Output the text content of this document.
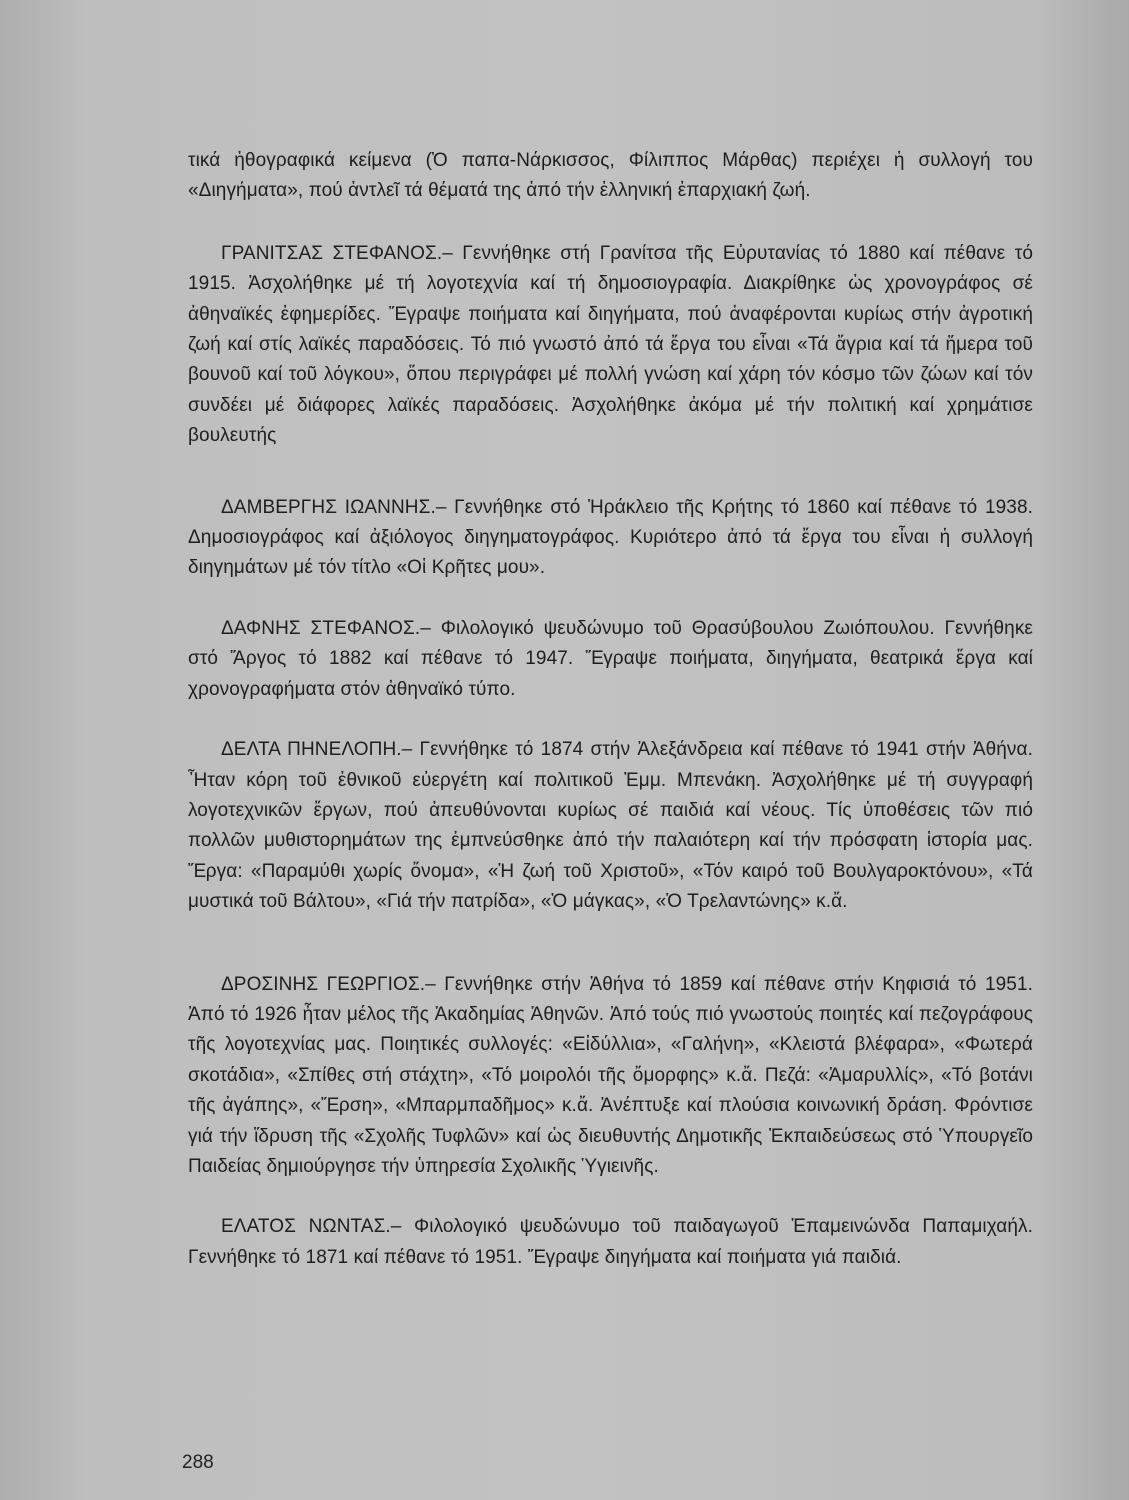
τικά ἠθογραφικά κείμενα (Ὁ παπα-Νάρκισσος, Φίλιππος Μάρθας) περιέχει ἡ συλλογή του «Διηγήματα», πού ἀντλεῖ τά θέματά της ἀπό τήν ἑλληνική ἐπαρχιακή ζωή.

ΓΡΑΝΙΤΣΑΣ ΣΤΕΦΑΝΟΣ.– Γεννήθηκε στή Γρανίτσα τῆς Εὐρυτανίας τό 1880 καί πέθανε τό 1915. Ἀσχολήθηκε μέ τή λογοτεχνία καί τή δημοσιογραφία. Διακρίθηκε ὡς χρονογράφος σέ ἀθηναϊκές ἐφημερίδες. Ἔγραψε ποιήματα καί διηγήματα, πού ἀναφέρονται κυρίως στήν ἀγροτική ζωή καί στίς λαϊκές παραδόσεις. Τό πιό γνωστό ἀπό τά ἔργα του εἶναι «Τά ἄγρια καί τά ἥμερα τοῦ βουνοῦ καί τοῦ λόγκου», ὅπου περιγράφει μέ πολλή γνώση καί χάρη τόν κόσμο τῶν ζώων καί τόν συνδέει μέ διάφορες λαϊκές παραδόσεις. Ἀσχολήθηκε ἀκόμα μέ τήν πολιτική καί χρημάτισε βουλευτής

ΔΑΜΒΕΡΓΗΣ ΙΩΑΝΝΗΣ.– Γεννήθηκε στό Ἡράκλειο τῆς Κρήτης τό 1860 καί πέθανε τό 1938. Δημοσιογράφος καί ἀξιόλογος διηγηματογράφος. Κυριότερο ἀπό τά ἔργα του εἶναι ἡ συλλογή διηγημάτων μέ τόν τίτλο «Οἱ Κρῆτες μου».

ΔΑΦΝΗΣ ΣΤΕΦΑΝΟΣ.– Φιλολογικό ψευδώνυμο τοῦ Θρασύβουλου Ζωιόπουλου. Γεννήθηκε στό Ἄργος τό 1882 καί πέθανε τό 1947. Ἔγραψε ποιήματα, διηγήματα, θεατρικά ἔργα καί χρονογραφήματα στόν ἀθηναϊκό τύπο.

ΔΕΛΤΑ ΠΗΝΕΛΟΠΗ.– Γεννήθηκε τό 1874 στήν Ἀλεξάνδρεια καί πέθανε τό 1941 στήν Ἀθήνα. Ἦταν κόρη τοῦ ἐθνικοῦ εὐεργέτη καί πολιτικοῦ Ἐμμ. Μπενάκη. Ἀσχολήθηκε μέ τή συγγραφή λογοτεχνικῶν ἔργων, πού ἀπευθύνονται κυρίως σέ παιδιά καί νέους. Τίς ὑποθέσεις τῶν πιό πολλῶν μυθιστορημάτων της ἐμπνεύσθηκε ἀπό τήν παλαιότερη καί τήν πρόσφατη ἱστορία μας. Ἔργα: «Παραμύθι χωρίς ὄνομα», «Ἡ ζωή τοῦ Χριστοῦ», «Τόν καιρό τοῦ Βουλγαροκτόνου», «Τά μυστικά τοῦ Βάλτου», «Γιά τήν πατρίδα», «Ὁ μάγκας», «Ὁ Τρελαντώνης» κ.ἄ.

ΔΡΟΣΙΝΗΣ ΓΕΩΡΓΙΟΣ.– Γεννήθηκε στήν Ἀθήνα τό 1859 καί πέθανε στήν Κηφισιά τό 1951. Ἀπό τό 1926 ἦταν μέλος τῆς Ἀκαδημίας Ἀθηνῶν. Ἀπό τούς πιό γνωστούς ποιητές καί πεζογράφους τῆς λογοτεχνίας μας. Ποιητικές συλλογές: «Εἰδύλλια», «Γαλήνη», «Κλειστά βλέφαρα», «Φωτερά σκοτάδια», «Σπίθες στή στάχτη», «Τό μοιρολόι τῆς ὄμορφης» κ.ἄ. Πεζά: «Ἀμαρυλλίς», «Τό βοτάνι τῆς ἀγάπης», «Ἔρση», «Μπαρμπαδῆμος» κ.ἄ. Ἀνέπτυξε καί πλούσια κοινωνική δράση. Φρόντισε γιά τήν ἵδρυση τῆς «Σχολῆς Τυφλῶν» καί ὡς διευθυντής Δημοτικῆς Ἐκπαιδεύσεως στό Ὑπουργεῖο Παιδείας δημιούργησε τήν ὑπηρεσία Σχολικῆς Ὑγιεινῆς.

ΕΛΑΤΟΣ ΝΩΝΤΑΣ.– Φιλολογικό ψευδώνυμο τοῦ παιδαγωγοῦ Ἐπαμεινώνδα Παπαμιχαήλ. Γεννήθηκε τό 1871 καί πέθανε τό 1951. Ἔγραψε διηγήματα καί ποιήματα γιά παιδιά.

288
